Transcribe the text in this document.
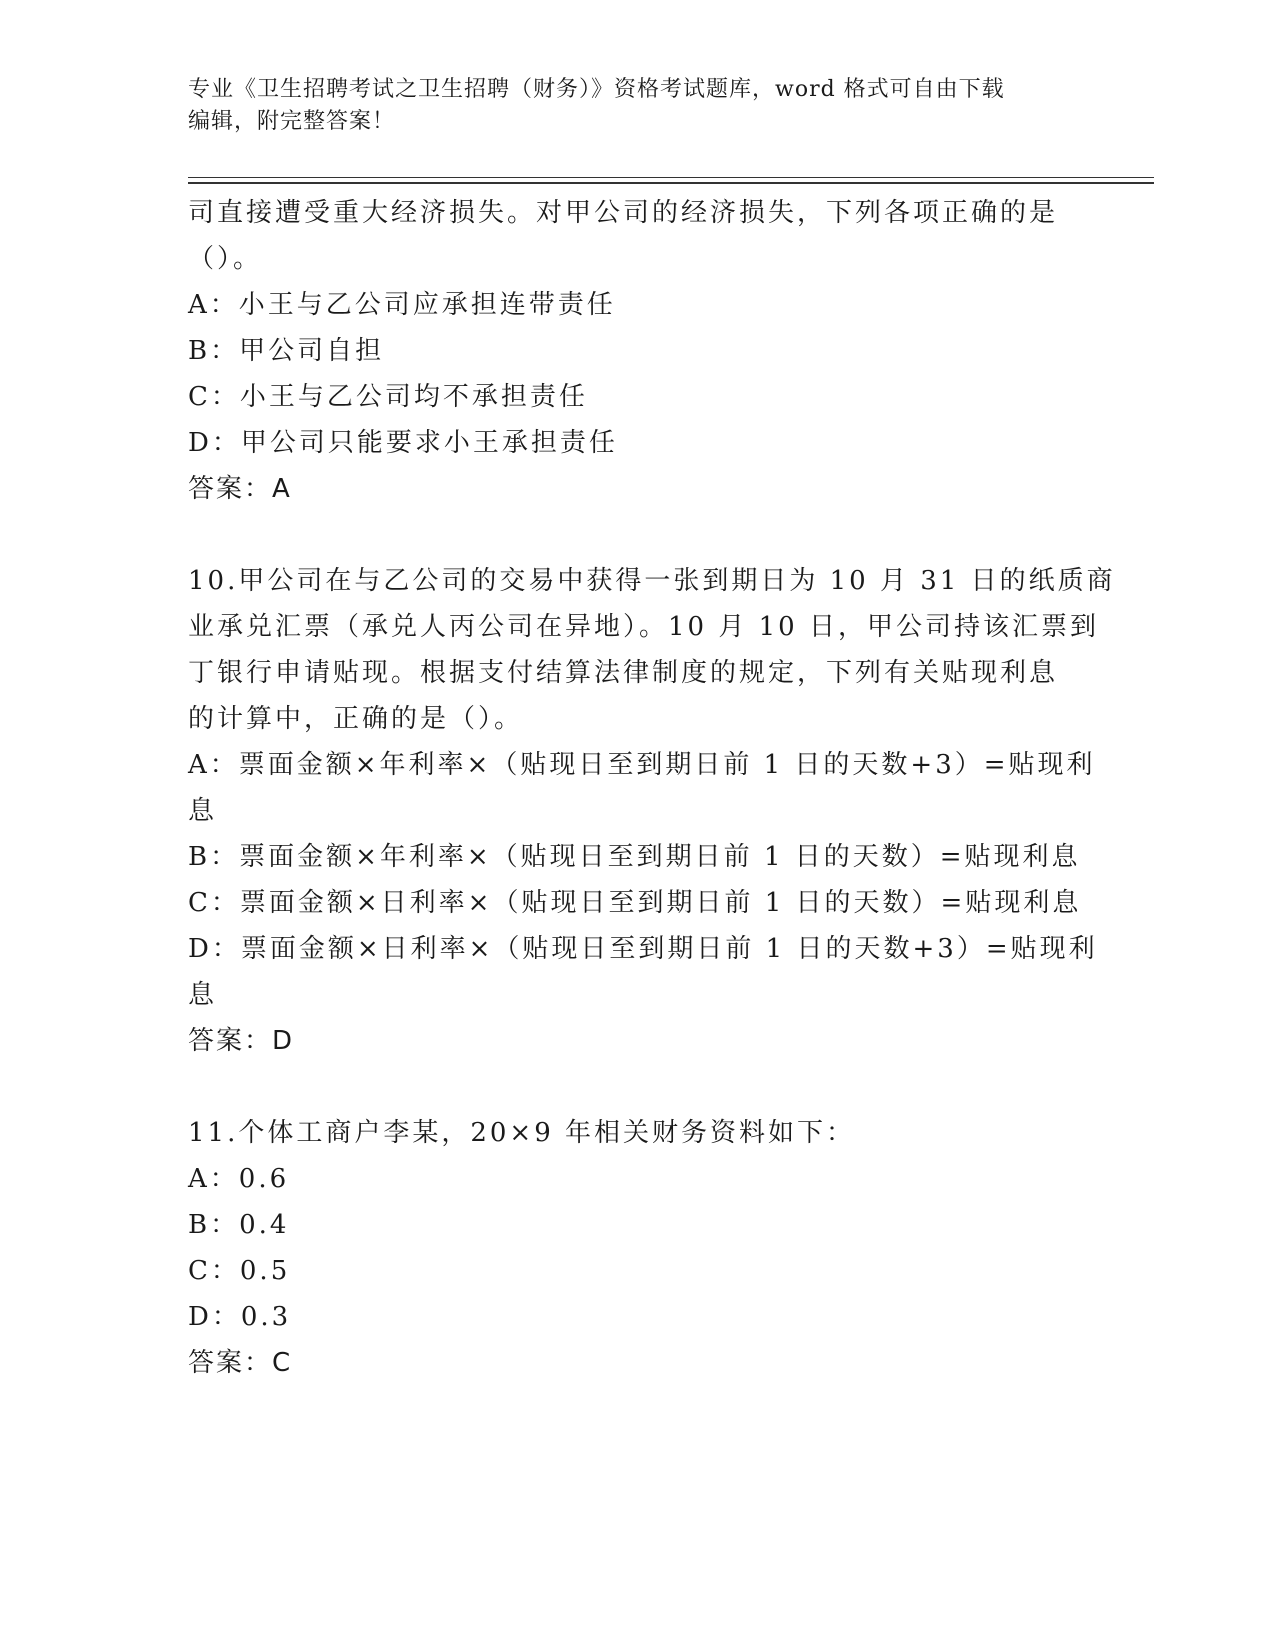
专业《卫生招聘考试之卫生招聘（财务）》资格考试题库，word 格式可自由下载
编辑，附完整答案！
司直接遭受重大经济损失。对甲公司的经济损失，下列各项正确的是
（）。
A：小王与乙公司应承担连带责任
B：甲公司自担
C：小王与乙公司均不承担责任
D：甲公司只能要求小王承担责任
答案：A
10.甲公司在与乙公司的交易中获得一张到期日为 10 月 31 日的纸质商
业承兑汇票（承兑人丙公司在异地）。10 月 10 日，甲公司持该汇票到
丁银行申请贴现。根据支付结算法律制度的规定，下列有关贴现利息
的计算中，正确的是（）。
A：票面金额×年利率×（贴现日至到期日前 1 日的天数+3）=贴现利
息
B：票面金额×年利率×（贴现日至到期日前 1 日的天数）=贴现利息
C：票面金额×日利率×（贴现日至到期日前 1 日的天数）=贴现利息
D：票面金额×日利率×（贴现日至到期日前 1 日的天数+3）=贴现利
息
答案：D
11.个体工商户李某，20×9 年相关财务资料如下：
A：0.6
B：0.4
C：0.5
D：0.3
答案：C
